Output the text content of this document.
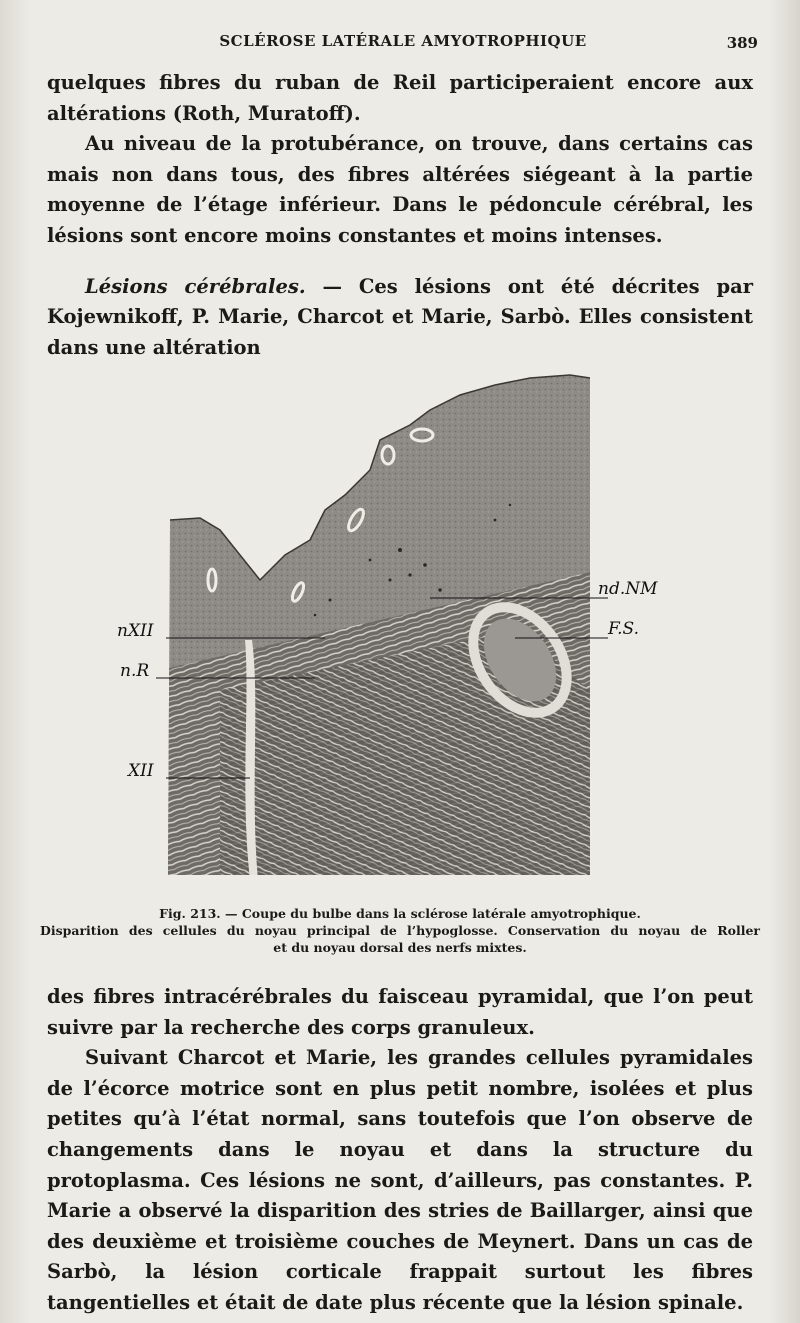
SCLÉROSE LATÉRALE AMYOTROPHIQUE	389

quelques fibres du ruban de Reil participeraient encore aux altérations (Roth, Muratoff).

Au niveau de la protubérance, on trouve, dans certains cas mais non dans tous, des fibres altérées siégeant à la partie moyenne de l’étage inférieur. Dans le pédoncule cérébral, les lésions sont encore moins constantes et moins intenses.

Lésions cérébrales. — Ces lésions ont été décrites par Kojewnikoff, P. Marie, Charcot et Marie, Sarbò. Elles consistent dans une altération

nd.NM
F.S.
nXII
n.R
XII
Fig. 213. — Coupe du bulbe dans la sclérose latérale amyotrophique.
Disparition des cellules du noyau principal de l’hypoglosse. Conservation du noyau de Roller
et du noyau dorsal des nerfs mixtes.

des fibres intracérébrales du faisceau pyramidal, que l’on peut suivre par la recherche des corps granuleux.

Suivant Charcot et Marie, les grandes cellules pyramidales de l’écorce motrice sont en plus petit nombre, isolées et plus petites qu’à l’état normal, sans toutefois que l’on observe de changements dans le noyau et dans la structure du protoplasma. Ces lésions ne sont, d’ailleurs, pas constantes. P. Marie a observé la disparition des stries de Baillarger, ainsi que des deuxième et troisième couches de Meynert. Dans un cas de Sarbò, la lésion corticale frappait surtout les fibres tangentielles et était de date plus récente que la lésion spinale.
